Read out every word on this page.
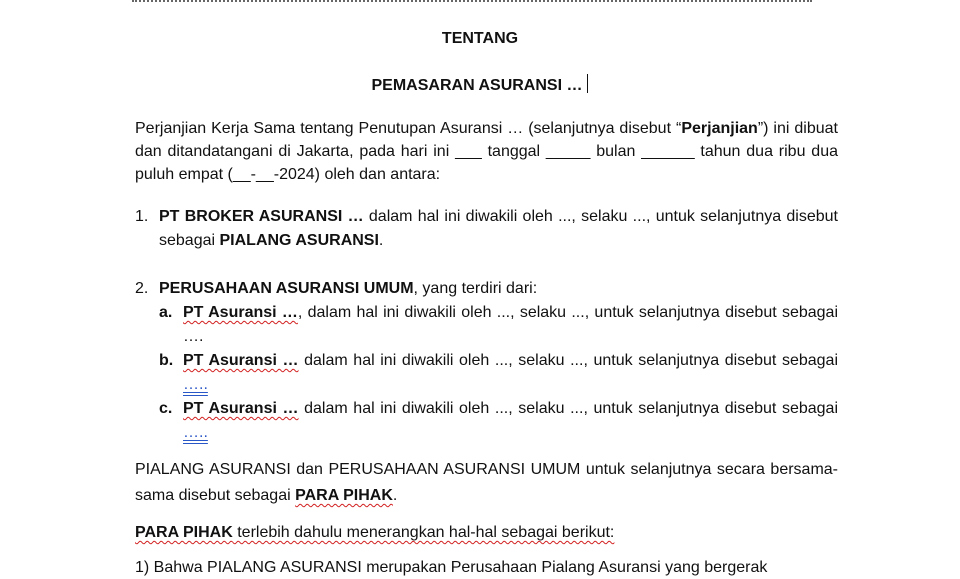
TENTANG
PEMASARAN ASURANSI …
Perjanjian Kerja Sama tentang Penutupan Asuransi … (selanjutnya disebut “Perjanjian”) ini dibuat dan ditandatangani di Jakarta, pada hari ini ___ tanggal _____ bulan ______ tahun dua ribu dua puluh empat (__-__-2024) oleh dan antara:
1. PT BROKER ASURANSI … dalam hal ini diwakili oleh ..., selaku ..., untuk selanjutnya disebut sebagai PIALANG ASURANSI.
2. PERUSAHAAN ASURANSI UMUM, yang terdiri dari:
a. PT Asuransi …, dalam hal ini diwakili oleh ..., selaku ..., untuk selanjutnya disebut sebagai ….
b. PT Asuransi … dalam hal ini diwakili oleh ..., selaku ..., untuk selanjutnya disebut sebagai …..
c. PT Asuransi … dalam hal ini diwakili oleh ..., selaku ..., untuk selanjutnya disebut sebagai …..
PIALANG ASURANSI dan PERUSAHAAN ASURANSI UMUM untuk selanjutnya secara bersama-sama disebut sebagai PARA PIHAK.
PARA PIHAK terlebih dahulu menerangkan hal-hal sebagai berikut:
1) Bahwa PIALANG ASURANSI merupakan Perusahaan Pialang Asuransi yang bergerak
